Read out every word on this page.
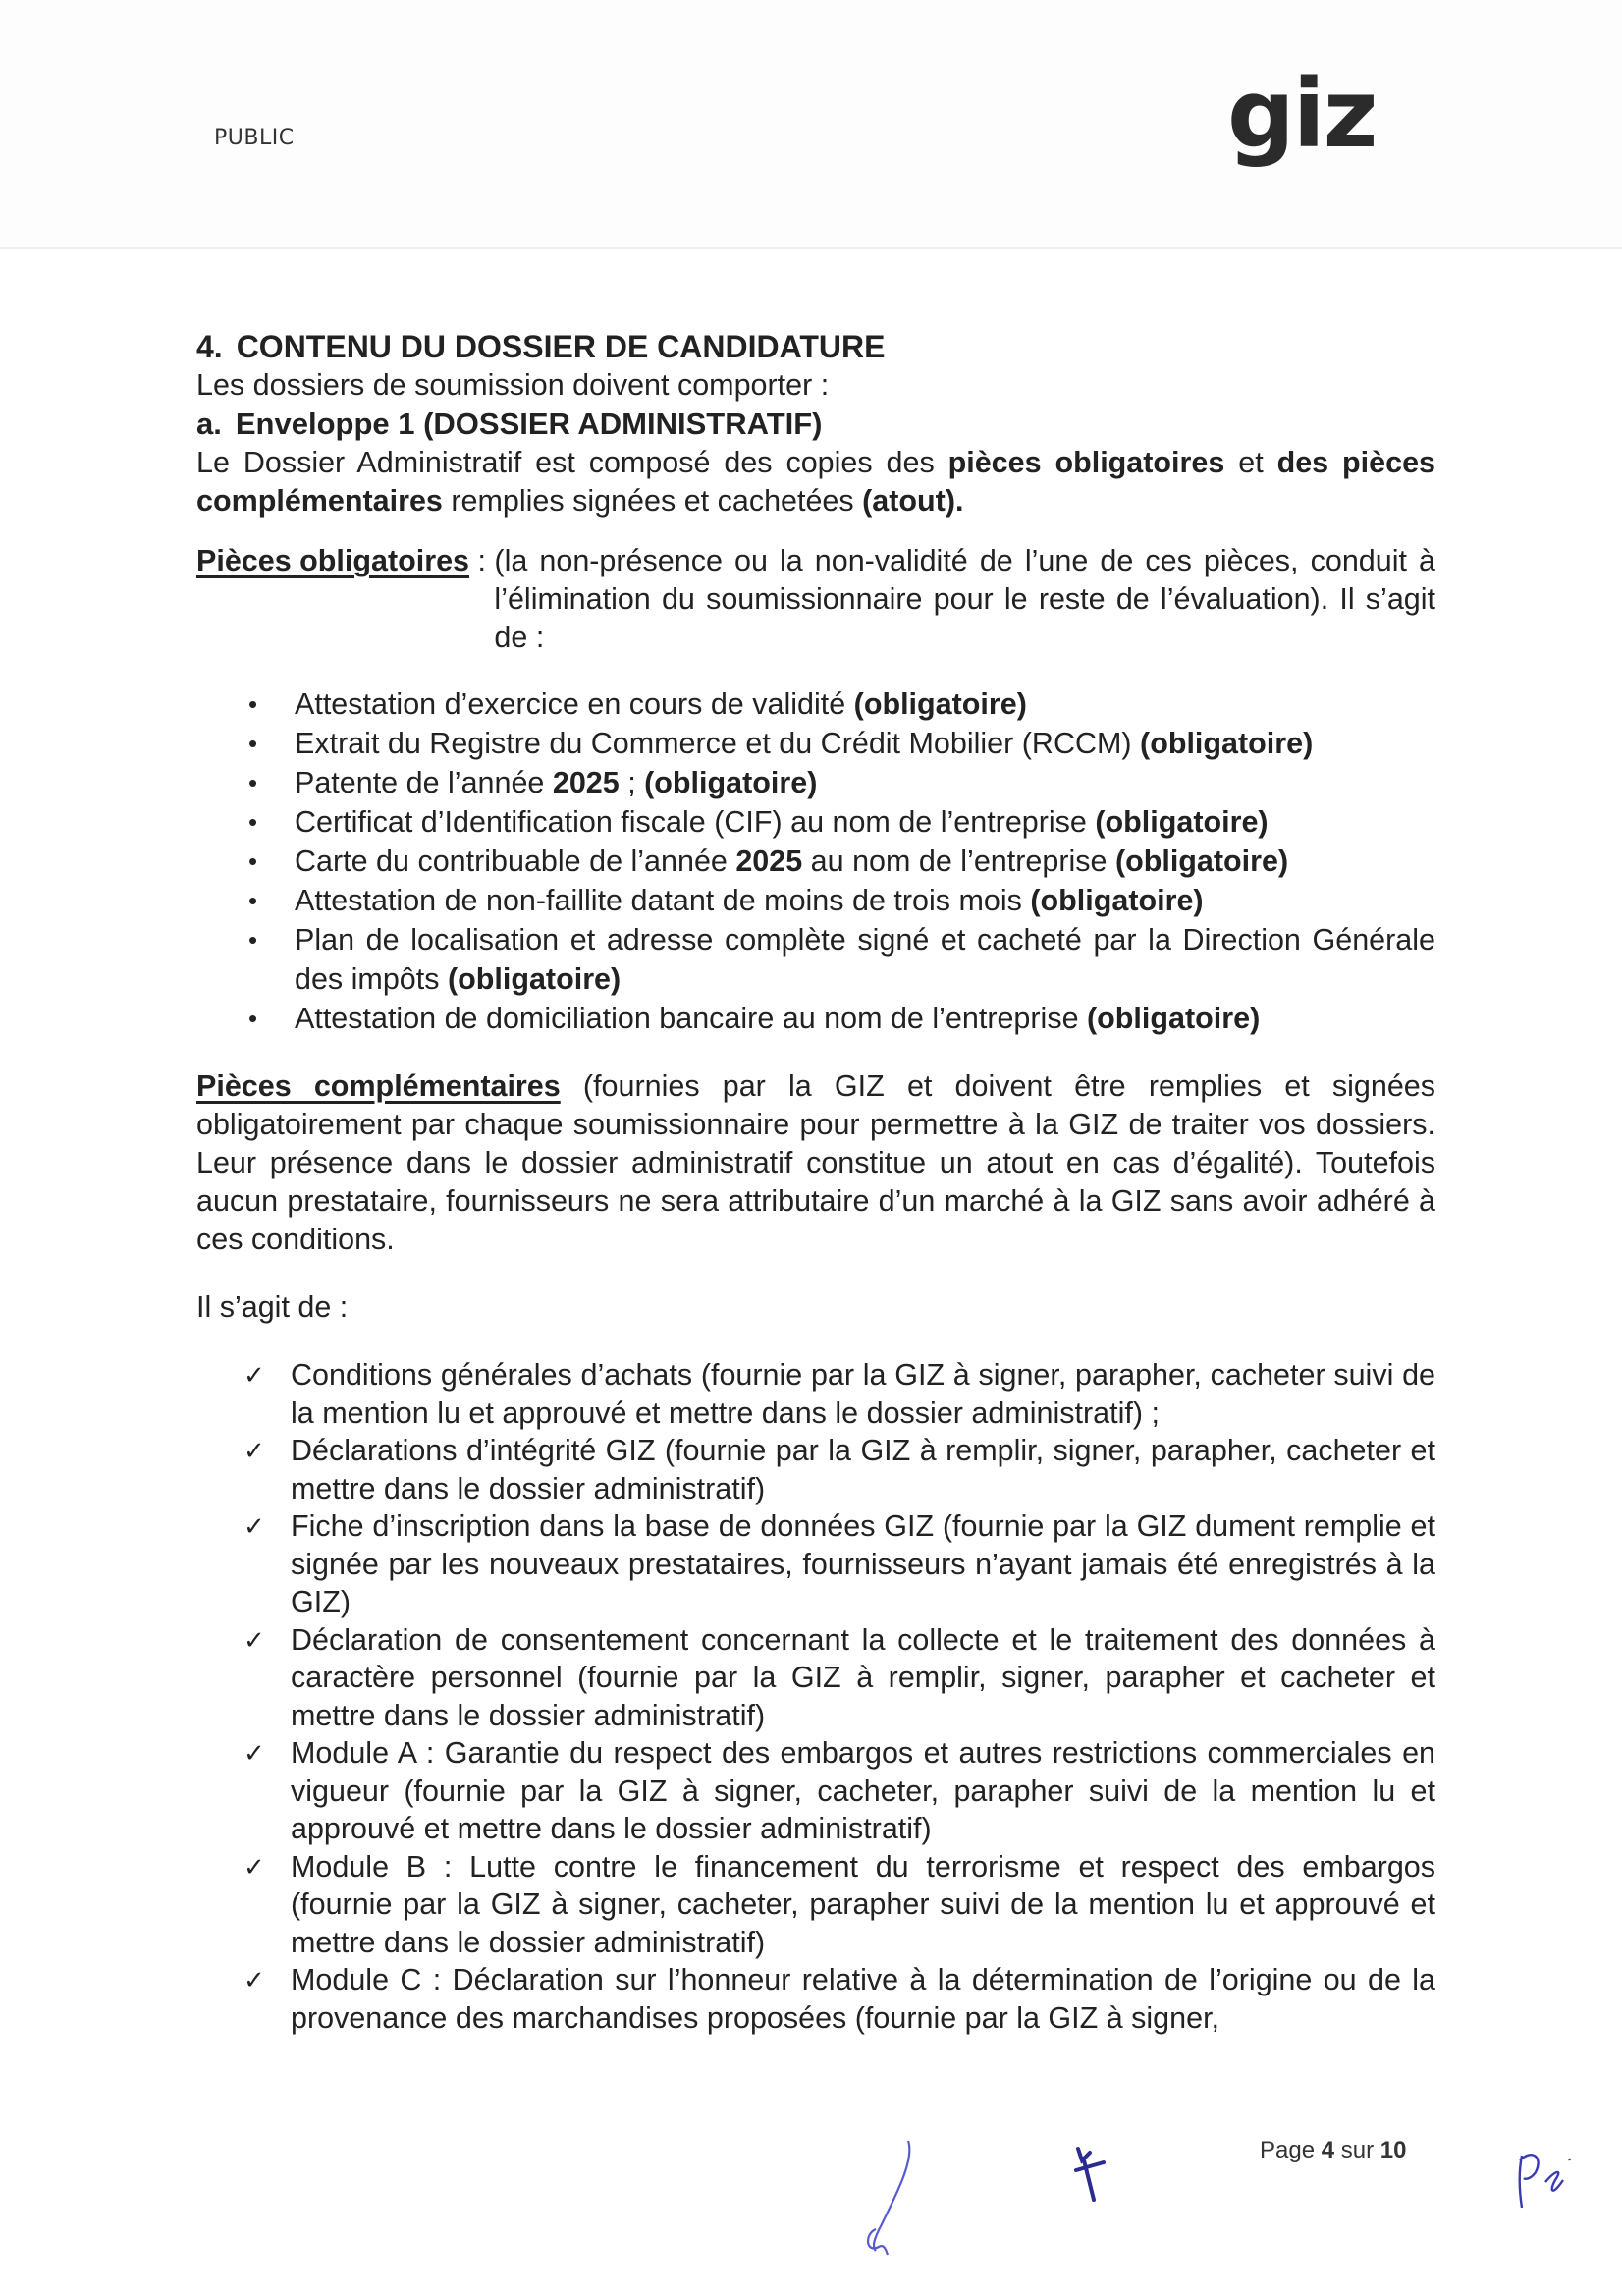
PUBLIC	giz

4. CONTENU DU DOSSIER DE CANDIDATURE

Les dossiers de soumission doivent comporter :

a. Enveloppe 1 (DOSSIER ADMINISTRATIF)

Le Dossier Administratif est composé des copies des pièces obligatoires et des pièces complémentaires remplies signées et cachetées (atout).

Pièces obligatoires : (la non-présence ou la non-validité de l’une de ces pièces, conduit à l’élimination du soumissionnaire pour le reste de l’évaluation). Il s’agit de :
• Attestation d’exercice en cours de validité (obligatoire)
• Extrait du Registre du Commerce et du Crédit Mobilier (RCCM) (obligatoire)
• Patente de l’année 2025 ; (obligatoire)
• Certificat d’Identification fiscale (CIF) au nom de l’entreprise (obligatoire)
• Carte du contribuable de l’année 2025 au nom de l’entreprise (obligatoire)
• Attestation de non-faillite datant de moins de trois mois (obligatoire)
• Plan de localisation et adresse complète signé et cacheté par la Direction Générale des impôts (obligatoire)
• Attestation de domiciliation bancaire au nom de l’entreprise (obligatoire)

Pièces complémentaires (fournies par la GIZ et doivent être remplies et signées obligatoirement par chaque soumissionnaire pour permettre à la GIZ de traiter vos dossiers. Leur présence dans le dossier administratif constitue un atout en cas d’égalité). Toutefois aucun prestataire, fournisseurs ne sera attributaire d’un marché à la GIZ sans avoir adhéré à ces conditions.

Il s’agit de :

✓ Conditions générales d’achats (fournie par la GIZ à signer, parapher, cacheter suivi de la mention lu et approuvé et mettre dans le dossier administratif) ;
✓ Déclarations d’intégrité GIZ (fournie par la GIZ à remplir, signer, parapher, cacheter et mettre dans le dossier administratif)
✓ Fiche d’inscription dans la base de données GIZ (fournie par la GIZ dument remplie et signée par les nouveaux prestataires, fournisseurs n’ayant jamais été enregistrés à la GIZ)
✓ Déclaration de consentement concernant la collecte et le traitement des données à caractère personnel (fournie par la GIZ à remplir, signer, parapher et cacheter et mettre dans le dossier administratif)
✓ Module A : Garantie du respect des embargos et autres restrictions commerciales en vigueur (fournie par la GIZ à signer, cacheter, parapher suivi de la mention lu et approuvé et mettre dans le dossier administratif)
✓ Module B : Lutte contre le financement du terrorisme et respect des embargos (fournie par la GIZ à signer, cacheter, parapher suivi de la mention lu et approuvé et mettre dans le dossier administratif)
✓ Module C : Déclaration sur l’honneur relative à la détermination de l’origine ou de la provenance des marchandises proposées (fournie par la GIZ à signer,
Page 4 sur 10
